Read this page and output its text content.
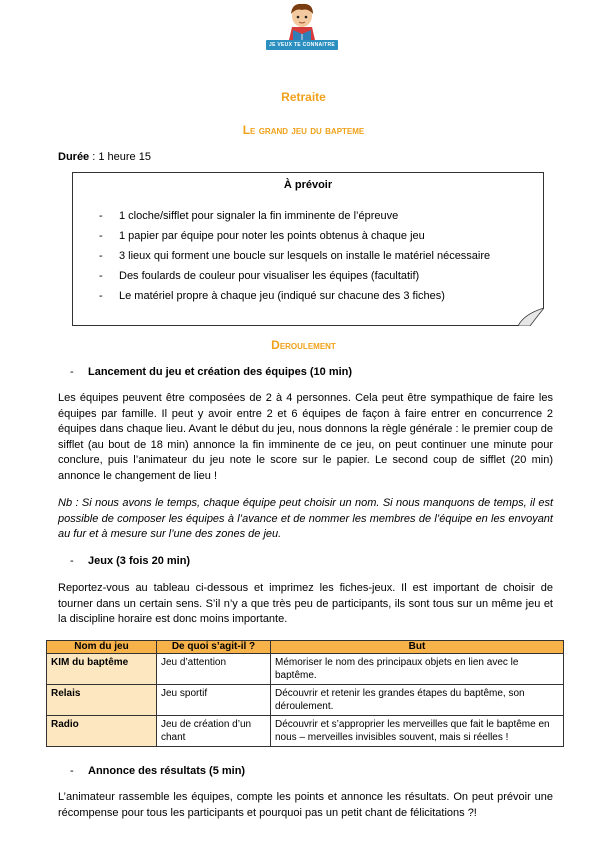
JE VEUX TE CONNAITRE
Retraite
Le grand jeu du bapteme
Durée : 1 heure 15
À prévoir
- 1 cloche/sifflet pour signaler la fin imminente de l’épreuve
- 1 papier par équipe pour noter les points obtenus à chaque jeu
- 3 lieux qui forment une boucle sur lesquels on installe le matériel nécessaire
- Des foulards de couleur pour visualiser les équipes (facultatif)
- Le matériel propre à chaque jeu (indiqué sur chacune des 3 fiches)
Deroulement
- Lancement du jeu et création des équipes (10 min)

Les équipes peuvent être composées de 2 à 4 personnes. Cela peut être sympathique de faire les équipes par famille. Il peut y avoir entre 2 et 6 équipes de façon à faire entrer en concurrence 2 équipes dans chaque lieu. Avant le début du jeu, nous donnons la règle générale : le premier coup de sifflet (au bout de 18 min) annonce la fin imminente de ce jeu, on peut continuer une minute pour conclure, puis l’animateur du jeu note le score sur le papier. Le second coup de sifflet (20 min) annonce le changement de lieu !

Nb : Si nous avons le temps, chaque équipe peut choisir un nom. Si nous manquons de temps, il est possible de composer les équipes à l’avance et de nommer les membres de l’équipe en les envoyant au fur et à mesure sur l’une des zones de jeu.

- Jeux (3 fois 20 min)

Reportez-vous au tableau ci-dessous et imprimez les fiches-jeux. Il est important de choisir de tourner dans un certain sens. S’il n’y a que très peu de participants, ils sont tous sur un même jeu et la discipline horaire est donc moins importante.

Nom du jeu	De quoi s’agit-il ?	But
KIM du baptême	Jeu d’attention	Mémoriser le nom des principaux objets en lien avec le baptême.
Relais	Jeu sportif	Découvrir et retenir les grandes étapes du baptême, son déroulement.
Radio	Jeu de création d’un chant	Découvrir et s’approprier les merveilles que fait le baptême en nous – merveilles invisibles souvent, mais si réelles !
- Annonce des résultats (5 min)

L’animateur rassemble les équipes, compte les points et annonce les résultats. On peut prévoir une récompense pour tous les participants et pourquoi pas un petit chant de félicitations ?!
